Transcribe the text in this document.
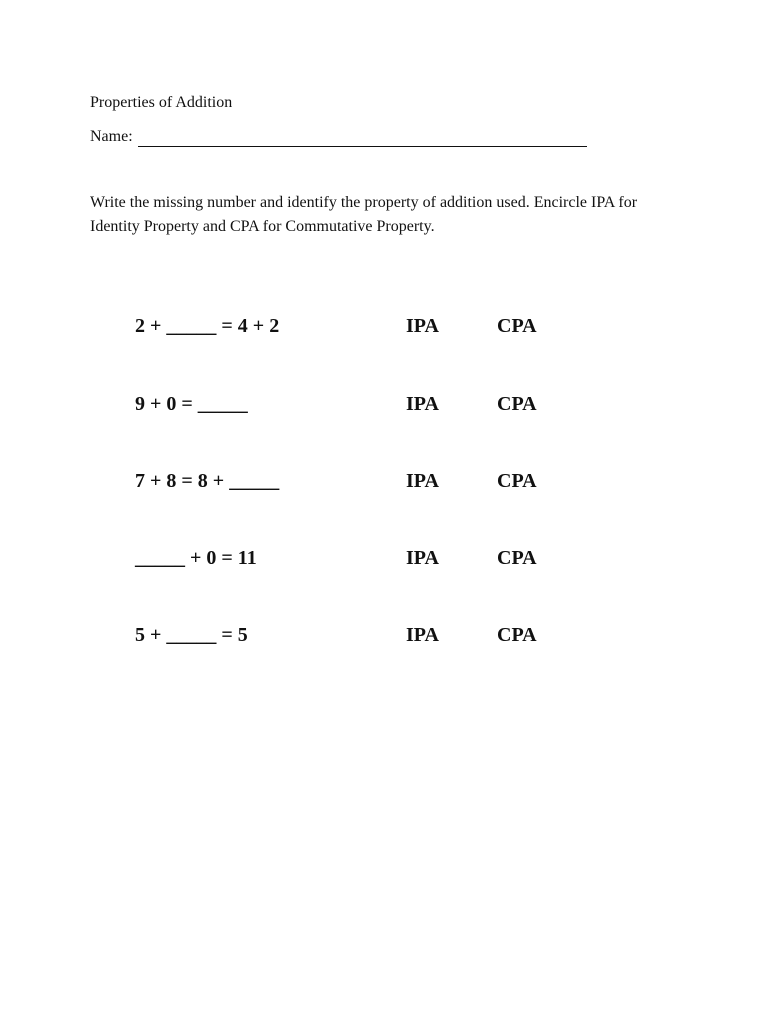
Properties of Addition
Name:
Write the missing number and identify the property of addition used. Encircle IPA for Identity Property and CPA for Commutative Property.
2 + _____ = 4 + 2	IPA	CPA
9 + 0 = _____	IPA	CPA
7 + 8 = 8 + _____	IPA	CPA
_____ + 0 = 11	IPA	CPA
5 + _____ = 5	IPA	CPA
